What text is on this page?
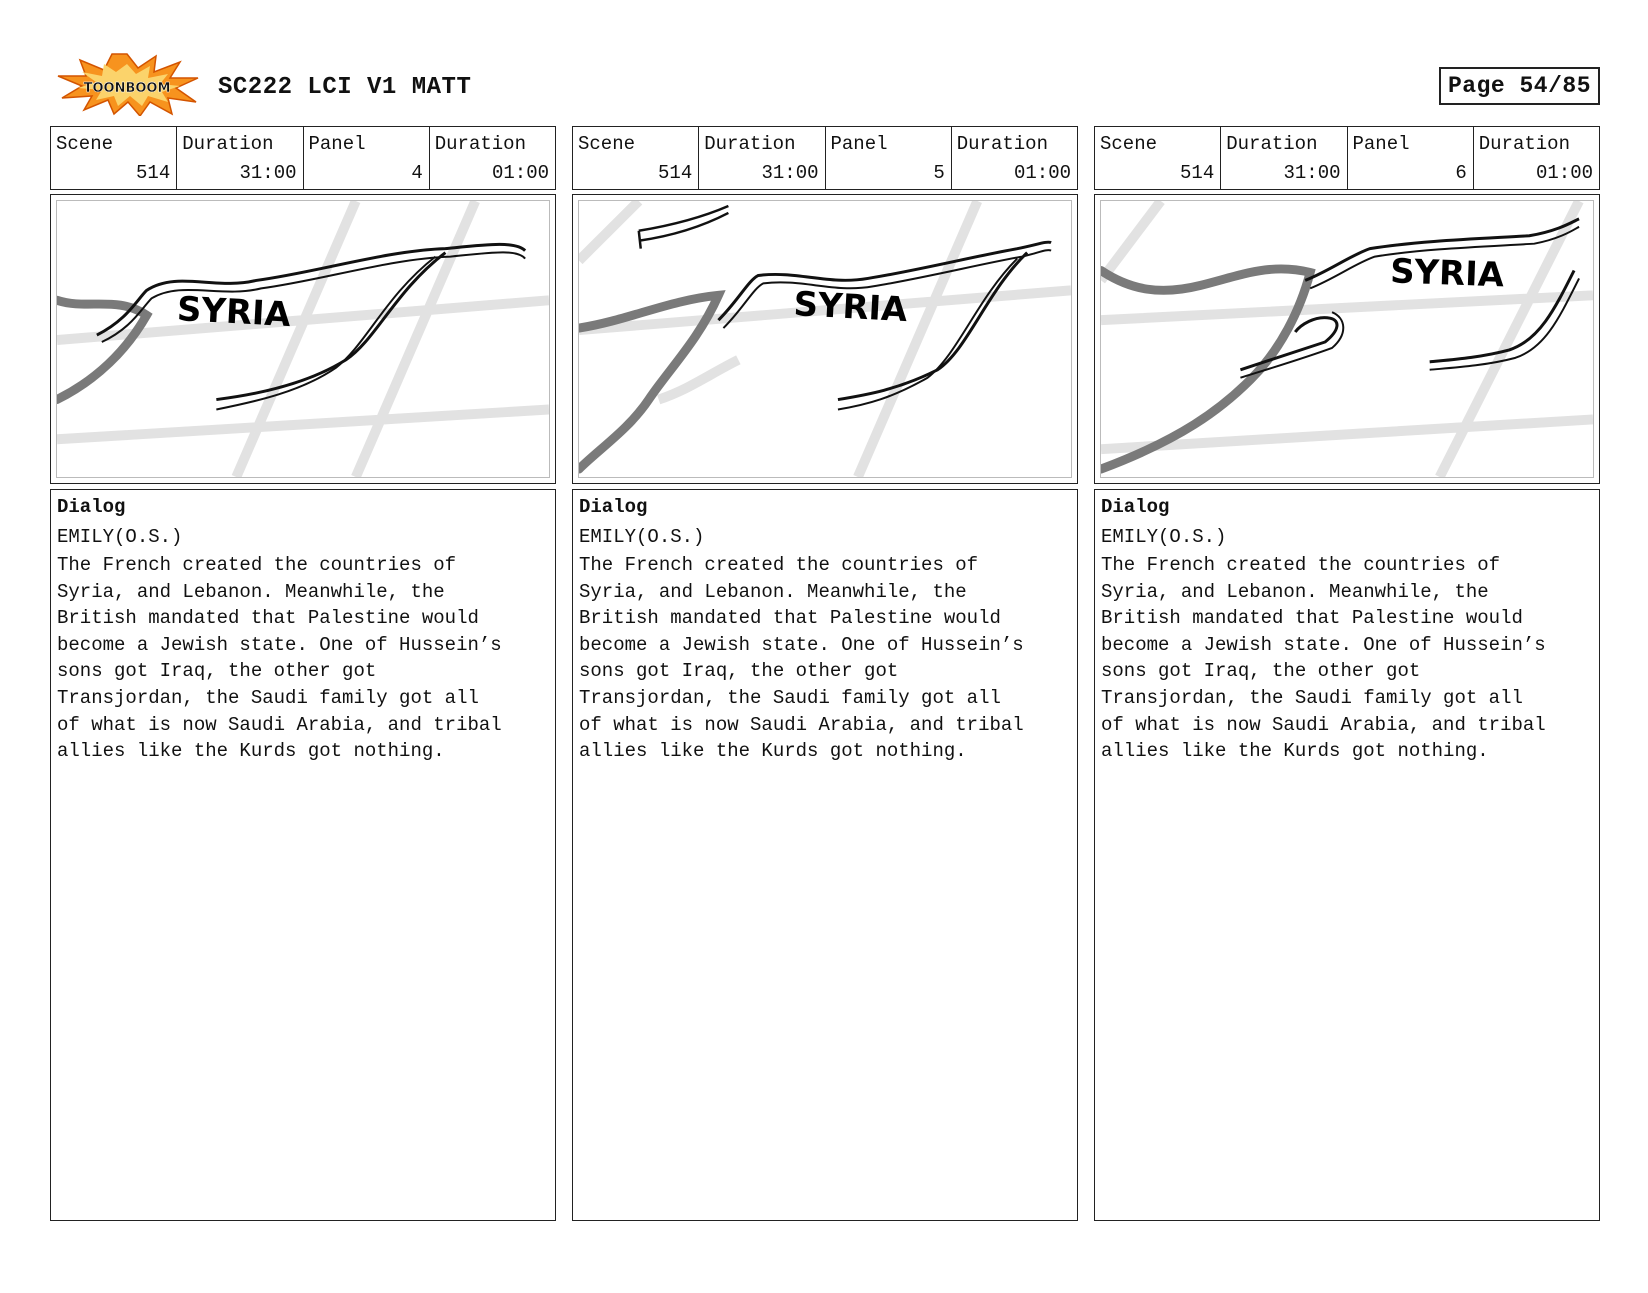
TOONBOOM SC222 LCI V1 MATT	Page 54/85
Scene
514
Duration
31:00
Panel
4
Duration
01:00
SYRIA
Dialog
EMILY(O.S.)
The French created the countries of
Syria, and Lebanon. Meanwhile, the
British mandated that Palestine would
become a Jewish state. One of Hussein’s
sons got Iraq, the other got
Transjordan, the Saudi family got all
of what is now Saudi Arabia, and tribal
allies like the Kurds got nothing.
Scene
514
Duration
31:00
Panel
5
Duration
01:00
SYRIA
Dialog
EMILY(O.S.)
The French created the countries of
Syria, and Lebanon. Meanwhile, the
British mandated that Palestine would
become a Jewish state. One of Hussein’s
sons got Iraq, the other got
Transjordan, the Saudi family got all
of what is now Saudi Arabia, and tribal
allies like the Kurds got nothing.
Scene
514
Duration
31:00
Panel
6
Duration
01:00
SYRIA
Dialog
EMILY(O.S.)
The French created the countries of
Syria, and Lebanon. Meanwhile, the
British mandated that Palestine would
become a Jewish state. One of Hussein’s
sons got Iraq, the other got
Transjordan, the Saudi family got all
of what is now Saudi Arabia, and tribal
allies like the Kurds got nothing.
